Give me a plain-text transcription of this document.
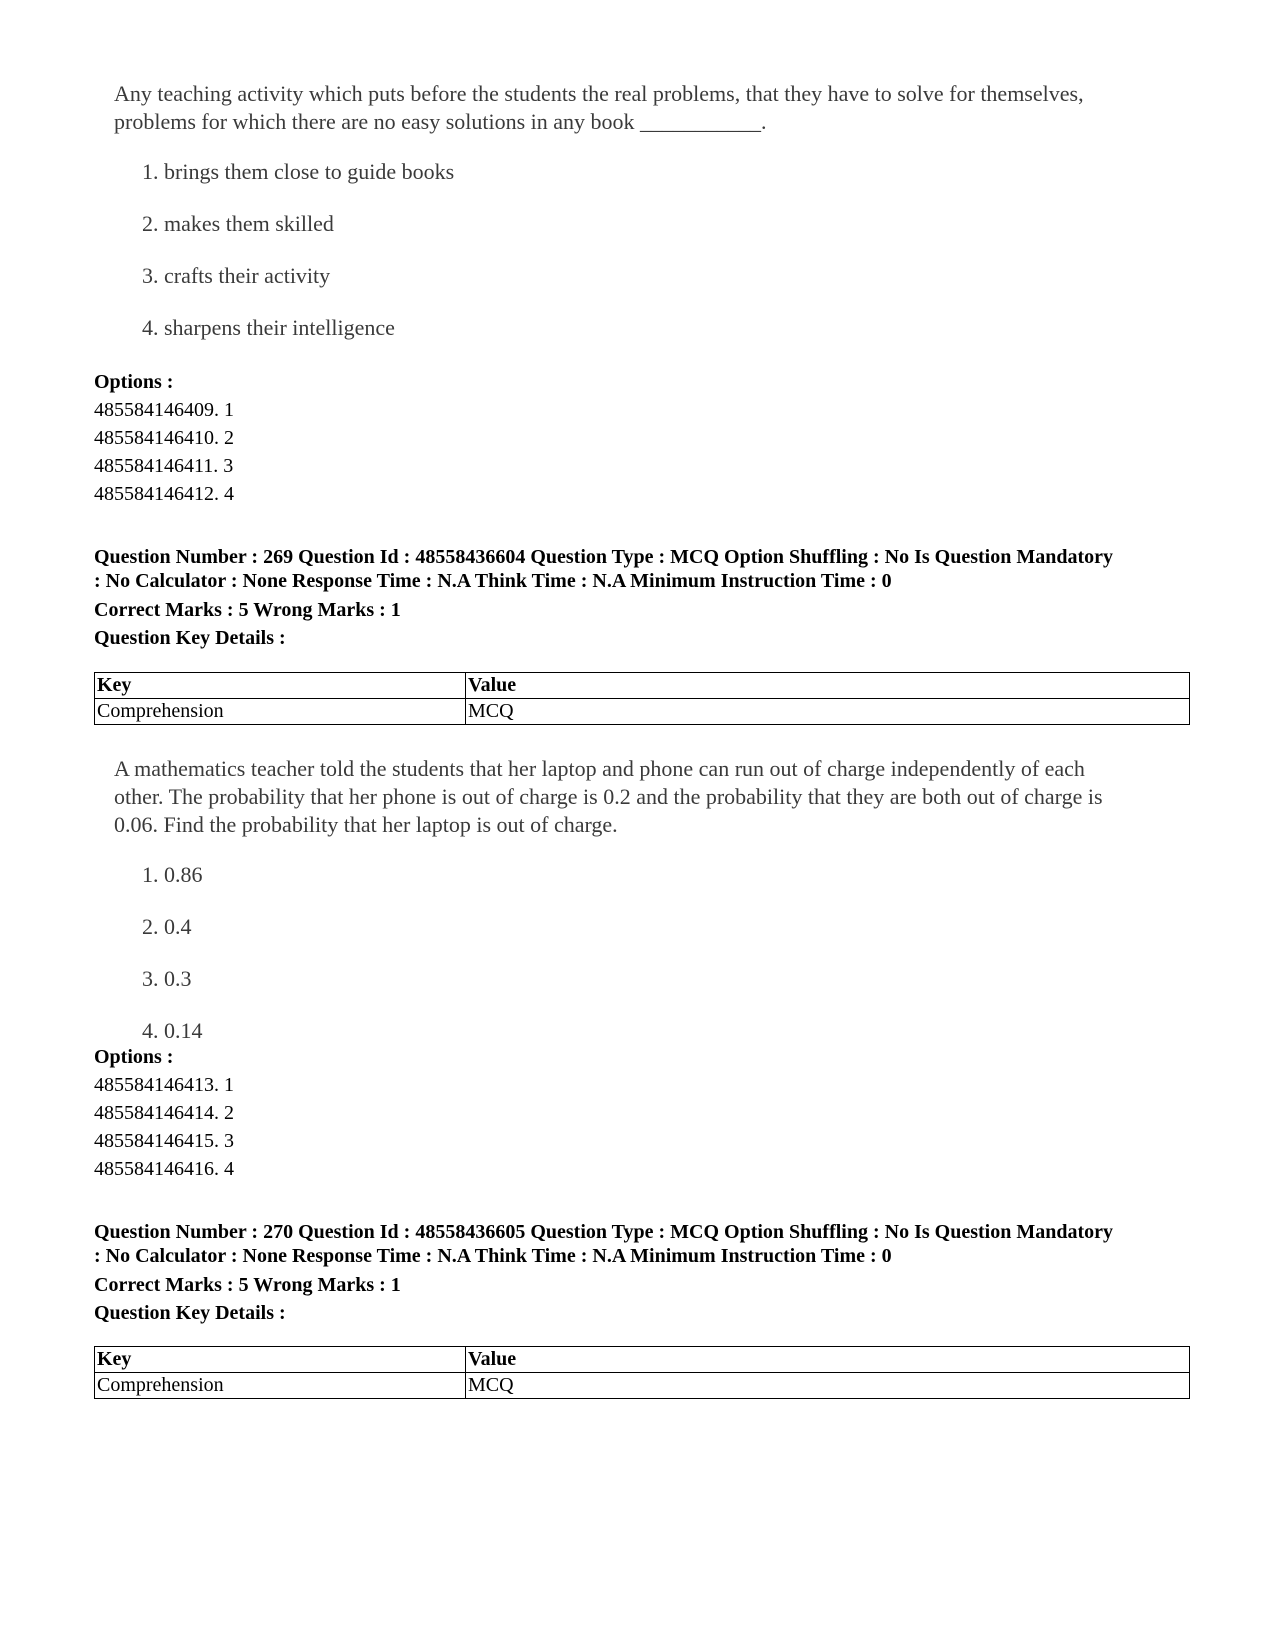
Any teaching activity which puts before the students the real problems, that they have to solve for themselves, problems for which there are no easy solutions in any book ___________.

1. brings them close to guide books
2. makes them skilled
3. crafts their activity
4. sharpens their intelligence
Options :
485584146409. 1
485584146410. 2
485584146411. 3
485584146412. 4
Question Number : 269 Question Id : 48558436604 Question Type : MCQ Option Shuffling : No Is Question Mandatory
: No Calculator : None Response Time : N.A Think Time : N.A Minimum Instruction Time : 0
Correct Marks : 5 Wrong Marks : 1
Question Key Details :
Key	Value
Comprehension	MCQ

A mathematics teacher told the students that her laptop and phone can run out of charge independently of each other. The probability that her phone is out of charge is 0.2 and the probability that they are both out of charge is 0.06. Find the probability that her laptop is out of charge.

1. 0.86
2. 0.4
3. 0.3
4. 0.14
Options :
485584146413. 1
485584146414. 2
485584146415. 3
485584146416. 4
Question Number : 270 Question Id : 48558436605 Question Type : MCQ Option Shuffling : No Is Question Mandatory
: No Calculator : None Response Time : N.A Think Time : N.A Minimum Instruction Time : 0
Correct Marks : 5 Wrong Marks : 1
Question Key Details :
Key	Value
Comprehension	MCQ
